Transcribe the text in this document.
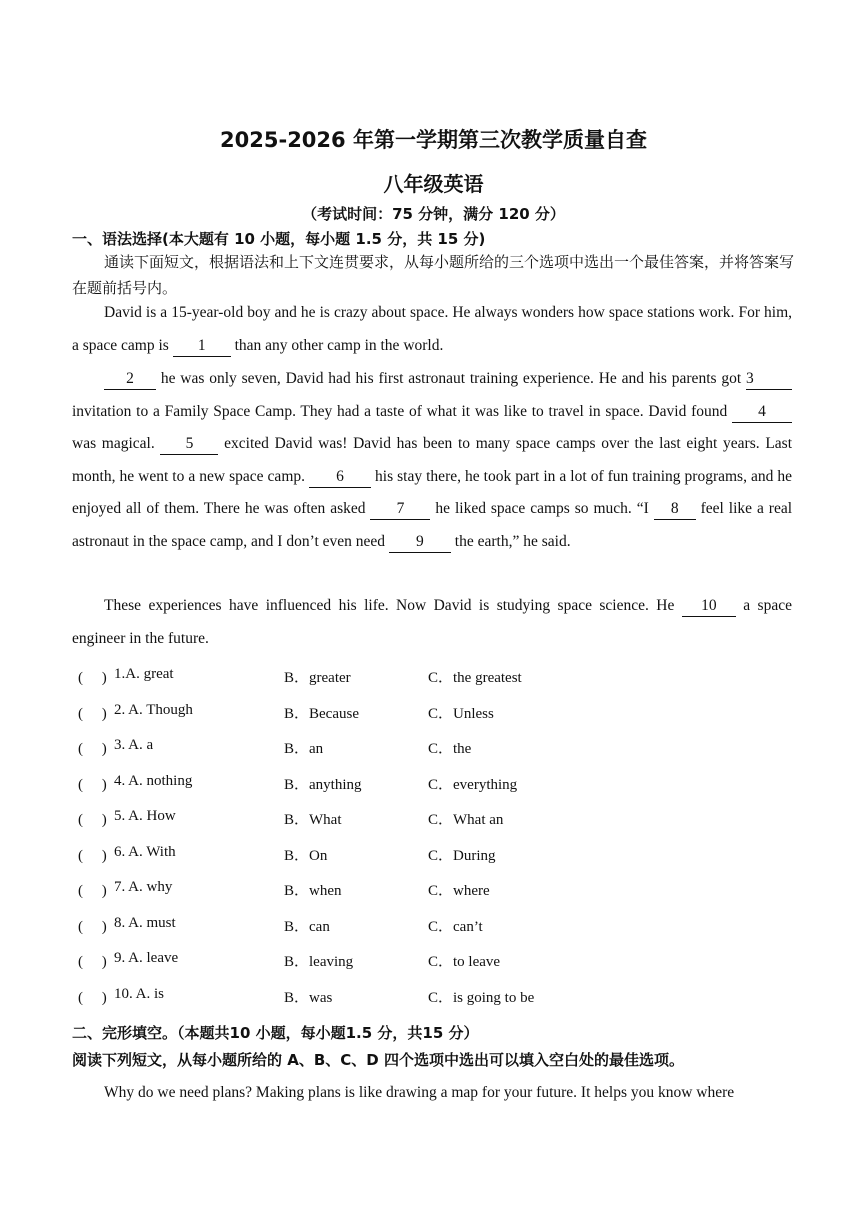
2025-2026 年第一学期第三次教学质量自查
八年级英语
（考试时间：75 分钟，满分 120 分）
一、语法选择(本大题有 10 小题，每小题 1.5 分，共 15 分)
通读下面短文，根据语法和上下文连贯要求，从每小题所给的三个选项中选出一个最佳答案，并将答案写在题前括号内。
David is a 15-year-old boy and he is crazy about space. He always wonders how space stations work. For him, a space camp is 1 than any other camp in the world.
2 he was only seven, David had his first astronaut training experience. He and his parents got 3 invitation to a Family Space Camp. They had a taste of what it was like to travel in space. David found 4 was magical. 5 excited David was! David has been to many space camps over the last eight years. Last month, he went to a new space camp. 6 his stay there, he took part in a lot of fun training programs, and he enjoyed all of them. There he was often asked 7 he liked space camps so much. “I 8 feel like a real astronaut in the space camp, and I don’t even need 9 the earth,” he said.
These experiences have influenced his life. Now David is studying space science. He 10 a space engineer in the future.
(　 ) 1.A. great	B．greater	C．the greatest
(　 ) 2. A. Though	B．Because	C．Unless
(　 ) 3. A. a	B．an	C．the
(　 ) 4. A. nothing	B．anything	C．everything
(　 ) 5. A. How	B．What	C．What an
(　 ) 6. A. With	B．On	C．During
(　 ) 7. A. why	B．when	C．where
(　 ) 8. A. must	B．can	C．can’t
(　 ) 9. A. leave	B．leaving	C．to leave
(　 ) 10. A. is	B．was	C．is going to be
二、完形填空。（本题共10 小题，每小题1.5 分，共15 分）
阅读下列短文，从每小题所给的 A、B、C、D 四个选项中选出可以填入空白处的最佳选项。
Why do we need plans? Making plans is like drawing a map for your future. It helps you know where
